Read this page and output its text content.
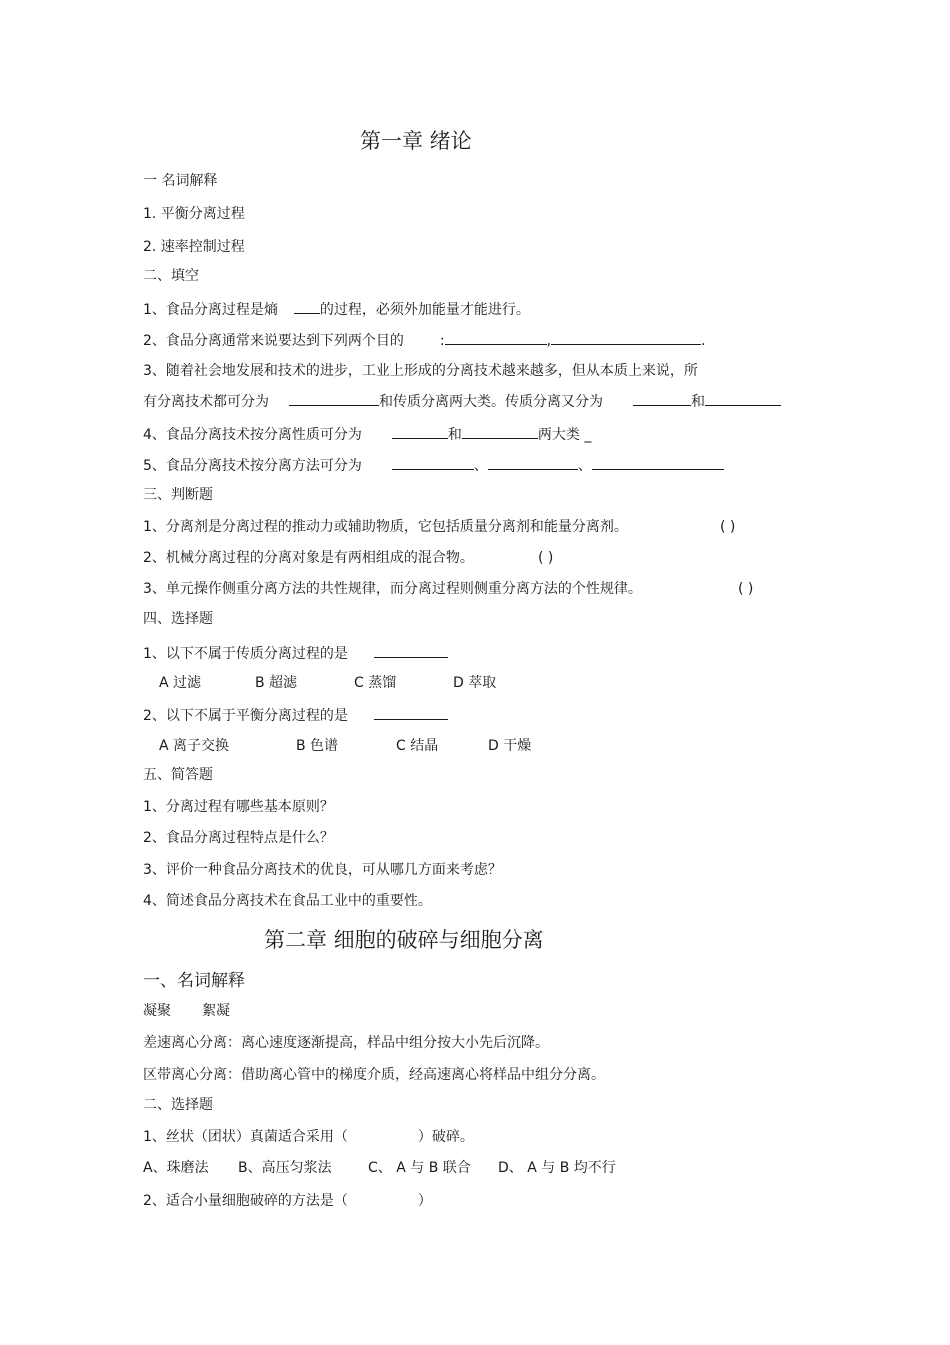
第一章 绪论
一 名词解释
1. 平衡分离过程
2. 速率控制过程
二、填空
1、食品分离过程是熵	的过程，必须外加能量才能进行。
2、食品分离通常来说要达到下列两个目的	:	,	.
3、随着社会地发展和技术的进步，工业上形成的分离技术越来越多，但从本质上来说，所
有分离技术都可分为	和传质分离两大类。传质分离又分为	和
4、食品分离技术按分离性质可分为	和	两大类 _
5、食品分离技术按分离方法可分为	、	、
三、判断题
1、分离剂是分离过程的推动力或辅助物质，它包括质量分离剂和能量分离剂。	( )
2、机械分离过程的分离对象是有两相组成的混合物。	( )
3、单元操作侧重分离方法的共性规律，而分离过程则侧重分离方法的个性规律。	( )
四、选择题
1、以下不属于传质分离过程的是
A 过滤	B 超滤	C 蒸馏	D 萃取
2、以下不属于平衡分离过程的是
A 离子交换	B 色谱	C 结晶	D 干燥
五、简答题
1、分离过程有哪些基本原则？
2、食品分离过程特点是什么？
3、评价一种食品分离技术的优良，可从哪几方面来考虑？
4、简述食品分离技术在食品工业中的重要性。
第二章 细胞的破碎与细胞分离
一、名词解释
凝聚 絮凝
差速离心分离：离心速度逐渐提高，样品中组分按大小先后沉降。
区带离心分离：借助离心管中的梯度介质，经高速离心将样品中组分分离。
二、选择题
1、丝状（团状）真菌适合采用（	）破碎。
A、珠磨法 B、高压匀浆法	C、 A 与 B 联合 D、 A 与 B 均不行
2、适合小量细胞破碎的方法是（	）
